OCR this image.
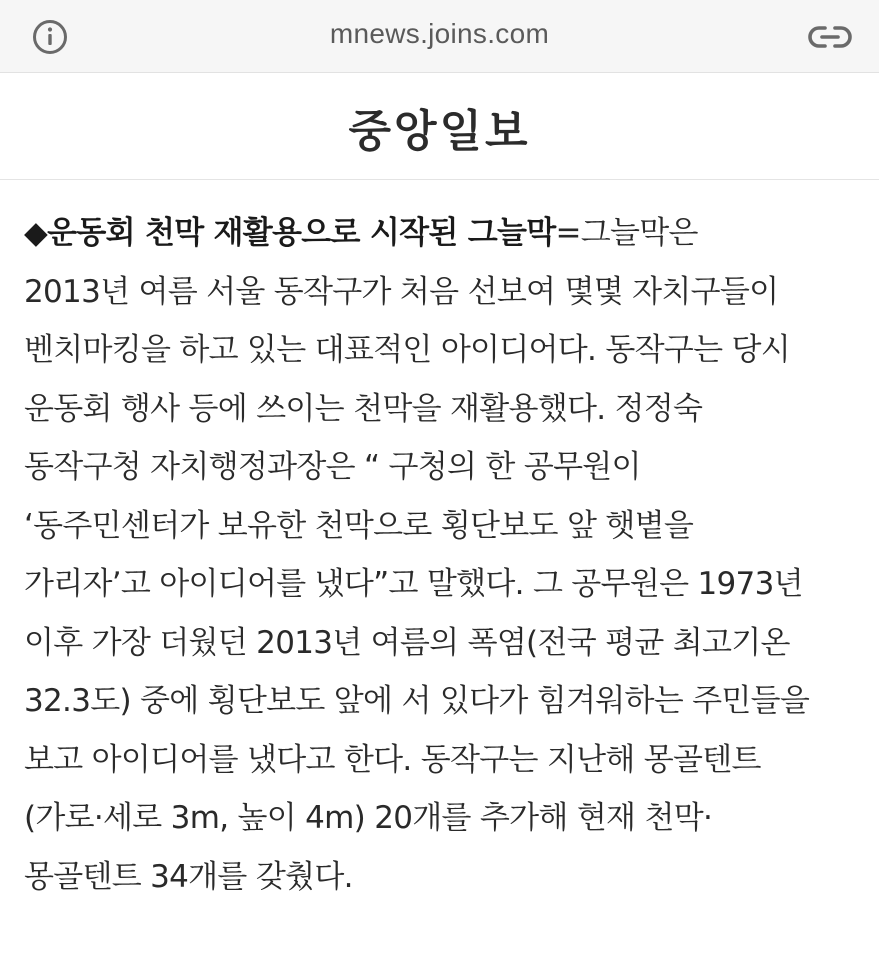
mnews.joins.com
중앙일보

◆운동회 천막 재활용으로 시작된 그늘막=그늘막은

2013년 여름 서울 동작구가 처음 선보여 몇몇 자치구들이

벤치마킹을 하고 있는 대표적인 아이디어다. 동작구는 당시

운동회 행사 등에 쓰이는 천막을 재활용했다. 정정숙

동작구청 자치행정과장은 “ 구청의 한 공무원이

‘동주민센터가 보유한 천막으로 횡단보도 앞 햇볕을

가리자’고 아이디어를 냈다”고 말했다. 그 공무원은 1973년

이후 가장 더웠던 2013년 여름의 폭염(전국 평균 최고기온

32.3도) 중에 횡단보도 앞에 서 있다가 힘겨워하는 주민들을

보고 아이디어를 냈다고 한다. 동작구는 지난해 몽골텐트

(가로·세로 3m, 높이 4m) 20개를 추가해 현재 천막·

몽골텐트 34개를 갖췄다.
